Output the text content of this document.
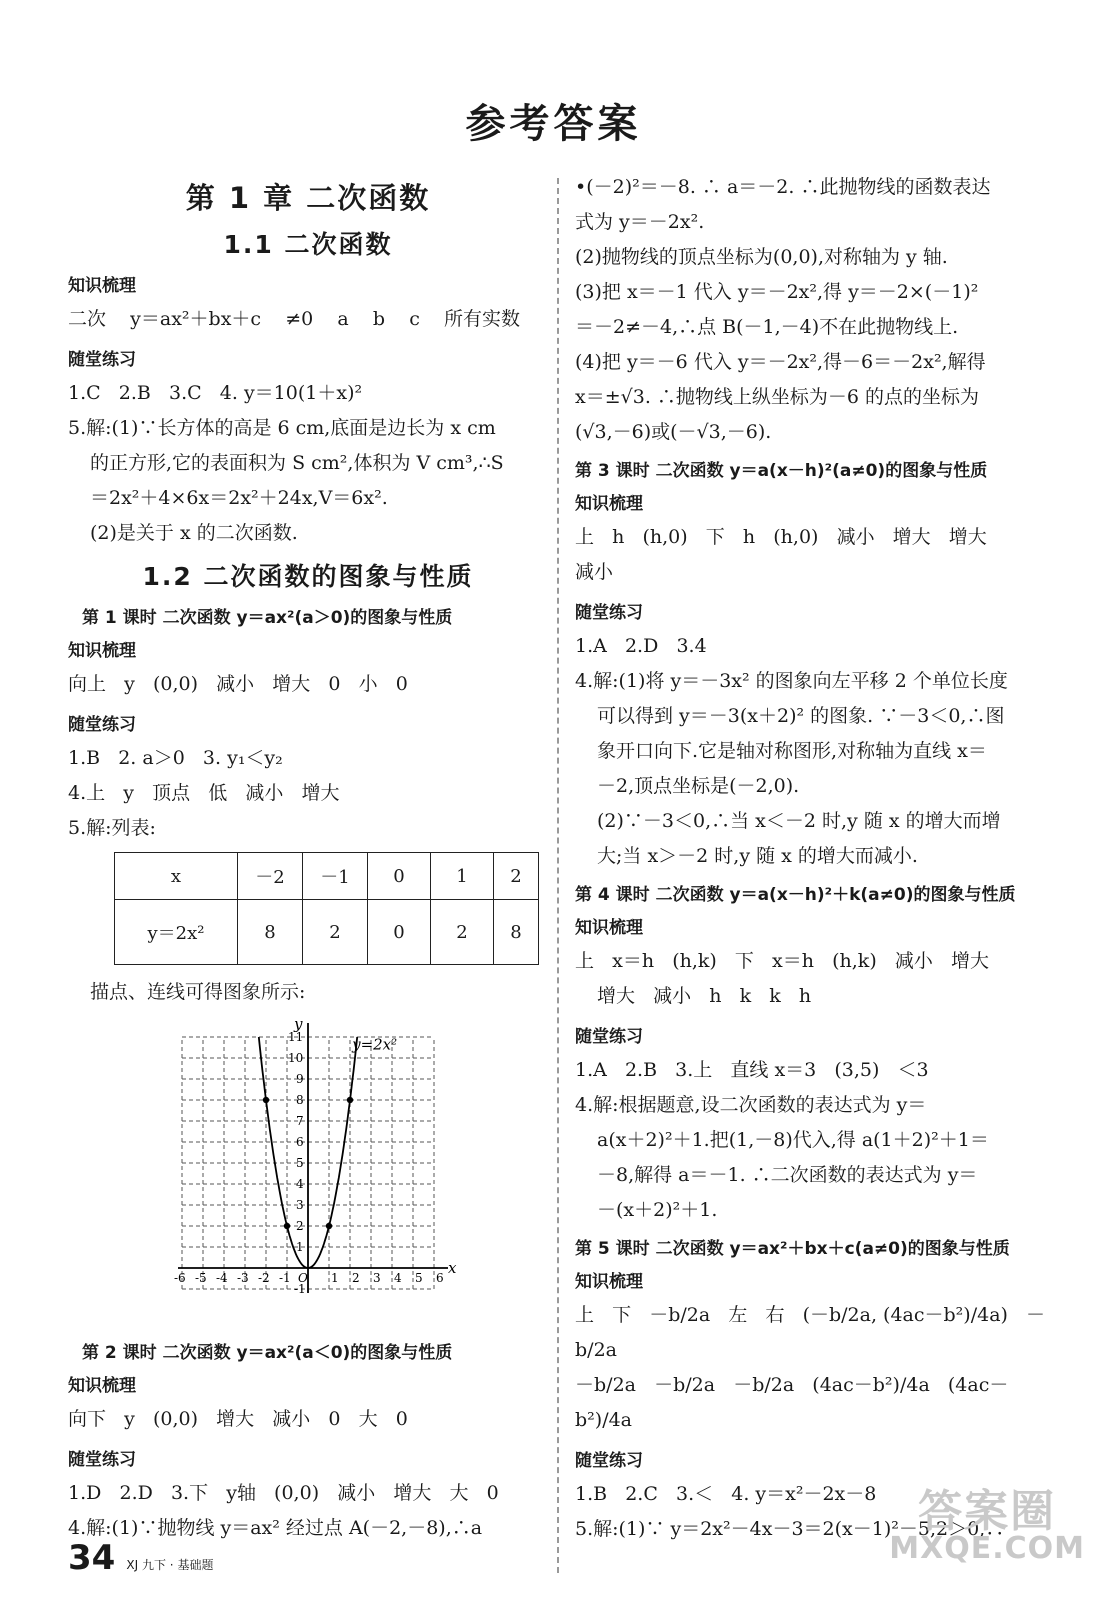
参考答案
第 1 章 二次函数
1.1 二次函数
知识梳理
二次    y＝ax²＋bx＋c    ≠0    a    b    c    所有实数
随堂练习
1.C   2.B   3.C   4. y＝10(1＋x)²
5.解:(1)∵长方体的高是 6 cm,底面是边长为 x cm
的正方形,它的表面积为 S cm²,体积为 V cm³,∴S
＝2x²＋4×6x＝2x²＋24x,V＝6x².
(2)是关于 x 的二次函数.
1.2 二次函数的图象与性质
第 1 课时 二次函数 y＝ax²(a＞0)的图象与性质
知识梳理
向上   y   (0,0)   减小   增大   0   小   0
随堂练习
1.B   2. a＞0   3. y₁＜y₂
4.上   y   顶点   低   减小   增大
5.解:列表:
x	－2	－1	0	1	2
y＝2x²	8	2	0	2	8
描点、连线可得图象所示:
x
y
-6 -5 -4 -3 -2 -1 O 1 2 3 4 5 6
-1
1
2
3
4
5
6
7
8
9
10
11	y=2x²
第 2 课时 二次函数 y＝ax²(a＜0)的图象与性质
知识梳理
向下   y   (0,0)   增大   减小   0   大   0
随堂练习
1.D   2.D   3.下   y轴   (0,0)   减小   增大   大   0
4.解:(1)∵抛物线 y＝ax² 经过点 A(－2,－8),∴a
•(－2)²＝－8. ∴ a＝－2. ∴此抛物线的函数表达
式为 y＝－2x².
(2)抛物线的顶点坐标为(0,0),对称轴为 y 轴.
(3)把 x＝－1 代入 y＝－2x²,得 y＝－2×(－1)²
＝－2≠－4,∴点 B(－1,－4)不在此抛物线上.
(4)把 y＝－6 代入 y＝－2x²,得－6＝－2x²,解得
x＝±√3. ∴抛物线上纵坐标为－6 的点的坐标为
(√3,－6)或(－√3,－6).
第 3 课时 二次函数 y＝a(x－h)²(a≠0)的图象与性质
知识梳理
上   h   (h,0)   下   h   (h,0)   减小   增大   增大
减小
随堂练习
1.A   2.D   3.4
4.解:(1)将 y＝－3x² 的图象向左平移 2 个单位长度
可以得到 y＝－3(x＋2)² 的图象. ∵－3＜0,∴图
象开口向下.它是轴对称图形,对称轴为直线 x＝
－2,顶点坐标是(－2,0).
(2)∵－3＜0,∴当 x＜－2 时,y 随 x 的增大而增
大;当 x＞－2 时,y 随 x 的增大而减小.
第 4 课时 二次函数 y＝a(x－h)²＋k(a≠0)的图象与性质
知识梳理
上   x＝h   (h,k)   下   x＝h   (h,k)   减小   增大
增大   减小   h   k   k   h
随堂练习
1.A   2.B   3.上   直线 x＝3   (3,5)   ＜3
4.解:根据题意,设二次函数的表达式为 y＝
a(x＋2)²＋1.把(1,－8)代入,得 a(1＋2)²＋1＝
－8,解得 a＝－1. ∴二次函数的表达式为 y＝
－(x＋2)²＋1.
第 5 课时 二次函数 y＝ax²＋bx＋c(a≠0)的图象与性质
知识梳理
上   下   －b/2a   左   右   (－b/2a, (4ac－b²)/4a)   －b/2a
－b/2a   －b/2a   －b/2a   (4ac－b²)/4a   (4ac－b²)/4a
随堂练习
1.B   2.C   3.＜   4. y＝x²－2x－8
5.解:(1)∵ y＝2x²－4x－3＝2(x－1)²－5,2＞0,∴
34 XJ 九下 · 基础题
答案圈
MXQE.COM
